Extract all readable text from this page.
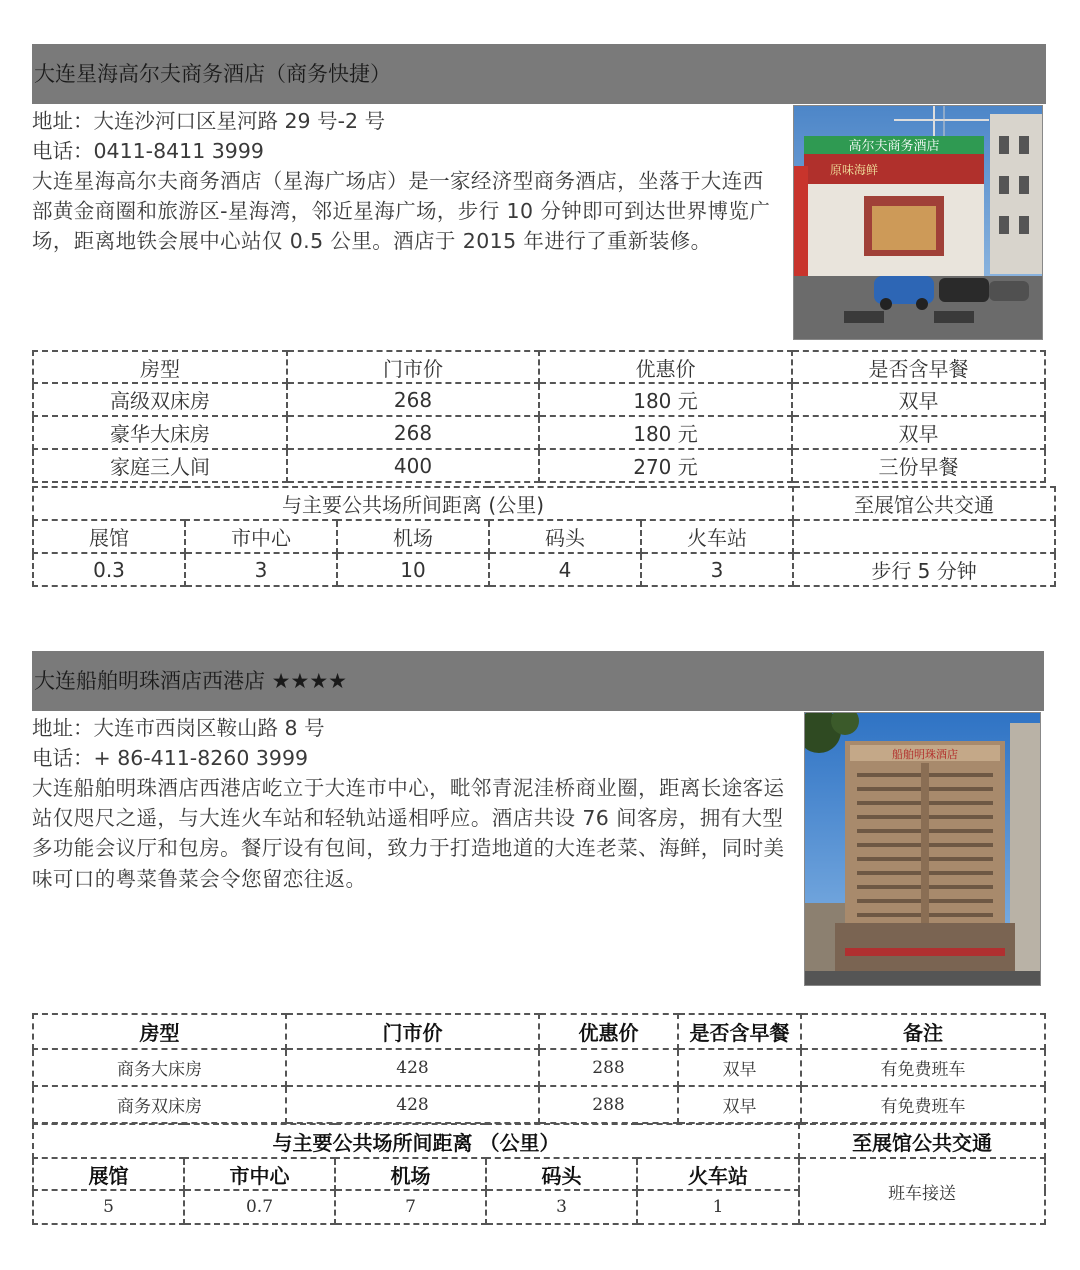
大连星海高尔夫商务酒店（商务快捷）
地址：大连沙河口区星河路 29 号-2 号
电话：0411-8411 3999
大连星海高尔夫商务酒店（星海广场店）是一家经济型商务酒店，坐落于大连西部黄金商圈和旅游区-星海湾，邻近星海广场，步行 10 分钟即可到达世界博览广场，距离地铁会展中心站仅 0.5 公里。酒店于 2015 年进行了重新装修。
高尔夫商务酒店
原味海鲜
房型	门市价	优惠价	是否含早餐
高级双床房	268	180 元	双早
豪华大床房	268	180 元	双早
家庭三人间	400	270 元	三份早餐
与主要公共场所间距离 (公里)					至展馆公共交通
展馆	市中心	机场	码头	火车站	
0.3	3	10	4	3	步行 5 分钟
大连船舶明珠酒店西港店 ★★★★
地址：大连市西岗区鞍山路 8 号
电话：+ 86-411-8260 3999
大连船舶明珠酒店西港店屹立于大连市中心，毗邻青泥洼桥商业圈，距离长途客运站仅咫尺之遥，与大连火车站和轻轨站遥相呼应。酒店共设 76 间客房，拥有大型多功能会议厅和包房。餐厅设有包间，致力于打造地道的大连老菜、海鲜，同时美味可口的粤菜鲁菜会令您留恋往返。
船舶明珠酒店
房型	门市价	优惠价	是否含早餐	备注
商务大床房	428	288	双早	有免费班车
商务双床房	428	288	双早	有免费班车
与主要公共场所间距离 （公里）					至展馆公共交通
展馆	市中心	机场	码头	火车站	班车接送
5	0.7	7	3	1	
